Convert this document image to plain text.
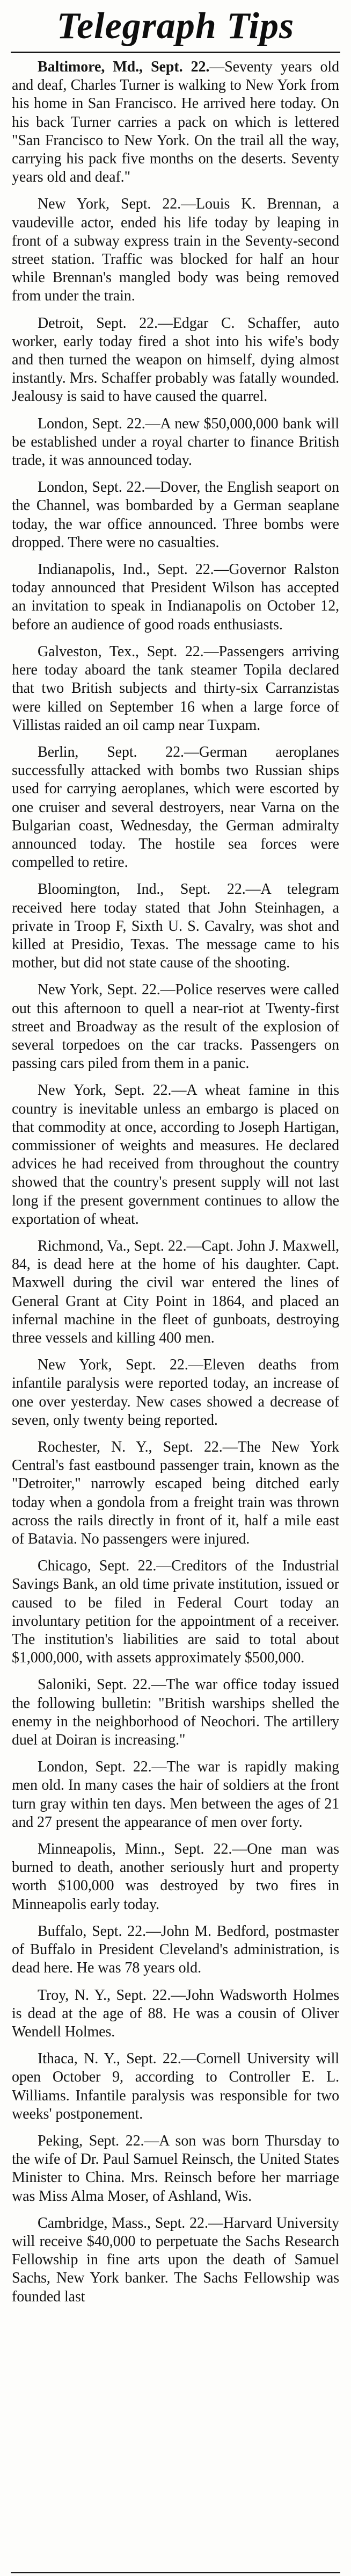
Telegraph Tips

Baltimore, Md., Sept. 22.—Seventy years old and deaf, Charles Turner is walking to New York from his home in San Francisco. He arrived here today. On his back Turner carries a pack on which is lettered "San Francisco to New York. On the trail all the way, carrying his pack five months on the deserts. Seventy years old and deaf."

New York, Sept. 22.—Louis K. Brennan, a vaudeville actor, ended his life today by leaping in front of a subway express train in the Seventy-second street station. Traffic was blocked for half an hour while Brennan's mangled body was being removed from under the train.

Detroit, Sept. 22.—Edgar C. Schaffer, auto worker, early today fired a shot into his wife's body and then turned the weapon on himself, dying almost instantly. Mrs. Schaffer probably was fatally wounded. Jealousy is said to have caused the quarrel.

London, Sept. 22.—A new $50,000,000 bank will be established under a royal charter to finance British trade, it was announced today.

London, Sept. 22.—Dover, the English seaport on the Channel, was bombarded by a German seaplane today, the war office announced. Three bombs were dropped. There were no casualties.

Indianapolis, Ind., Sept. 22.—Governor Ralston today announced that President Wilson has accepted an invitation to speak in Indianapolis on October 12, before an audience of good roads enthusiasts.

Galveston, Tex., Sept. 22.—Passengers arriving here today aboard the tank steamer Topila declared that two British subjects and thirty-six Carranzistas were killed on September 16 when a large force of Villistas raided an oil camp near Tuxpam.

Berlin, Sept. 22.—German aeroplanes successfully attacked with bombs two Russian ships used for carrying aeroplanes, which were escorted by one cruiser and several destroyers, near Varna on the Bulgarian coast, Wednesday, the German admiralty announced today. The hostile sea forces were compelled to retire.

Bloomington, Ind., Sept. 22.—A telegram received here today stated that John Steinhagen, a private in Troop F, Sixth U. S. Cavalry, was shot and killed at Presidio, Texas. The message came to his mother, but did not state cause of the shooting.

New York, Sept. 22.—Police reserves were called out this afternoon to quell a near-riot at Twenty-first street and Broadway as the result of the explosion of several torpedoes on the car tracks. Passengers on passing cars piled from them in a panic.

New York, Sept. 22.—A wheat famine in this country is inevitable unless an embargo is placed on that commodity at once, according to Joseph Hartigan, commissioner of weights and measures. He declared advices he had received from throughout the country showed that the country's present supply will not last long if the present government continues to allow the exportation of wheat.

Richmond, Va., Sept. 22.—Capt. John J. Maxwell, 84, is dead here at the home of his daughter. Capt. Maxwell during the civil war entered the lines of General Grant at City Point in 1864, and placed an infernal machine in the fleet of gunboats, destroying three vessels and killing 400 men.

New York, Sept. 22.—Eleven deaths from infantile paralysis were reported today, an increase of one over yesterday. New cases showed a decrease of seven, only twenty being reported.

Rochester, N. Y., Sept. 22.—The New York Central's fast eastbound passenger train, known as the "Detroiter," narrowly escaped being ditched early today when a gondola from a freight train was thrown across the rails directly in front of it, half a mile east of Batavia. No passengers were injured.

Chicago, Sept. 22.—Creditors of the Industrial Savings Bank, an old time private institution, issued or caused to be filed in Federal Court today an involuntary petition for the appointment of a receiver. The institution's liabilities are said to total about $1,000,000, with assets approximately $500,000.

Saloniki, Sept. 22.—The war office today issued the following bulletin: "British warships shelled the enemy in the neighborhood of Neochori. The artillery duel at Doiran is increasing."

London, Sept. 22.—The war is rapidly making men old. In many cases the hair of soldiers at the front turn gray within ten days. Men between the ages of 21 and 27 present the appearance of men over forty.

Minneapolis, Minn., Sept. 22.—One man was burned to death, another seriously hurt and property worth $100,000 was destroyed by two fires in Minneapolis early today.

Buffalo, Sept. 22.—John M. Bedford, postmaster of Buffalo in President Cleveland's administration, is dead here. He was 78 years old.

Troy, N. Y., Sept. 22.—John Wadsworth Holmes is dead at the age of 88. He was a cousin of Oliver Wendell Holmes.

Ithaca, N. Y., Sept. 22.—Cornell University will open October 9, according to Controller E. L. Williams. Infantile paralysis was responsible for two weeks' postponement.

Peking, Sept. 22.—A son was born Thursday to the wife of Dr. Paul Samuel Reinsch, the United States Minister to China. Mrs. Reinsch before her marriage was Miss Alma Moser, of Ashland, Wis.

Cambridge, Mass., Sept. 22.—Harvard University will receive $40,000 to perpetuate the Sachs Research Fellowship in fine arts upon the death of Samuel Sachs, New York banker. The Sachs Fellowship was founded last
